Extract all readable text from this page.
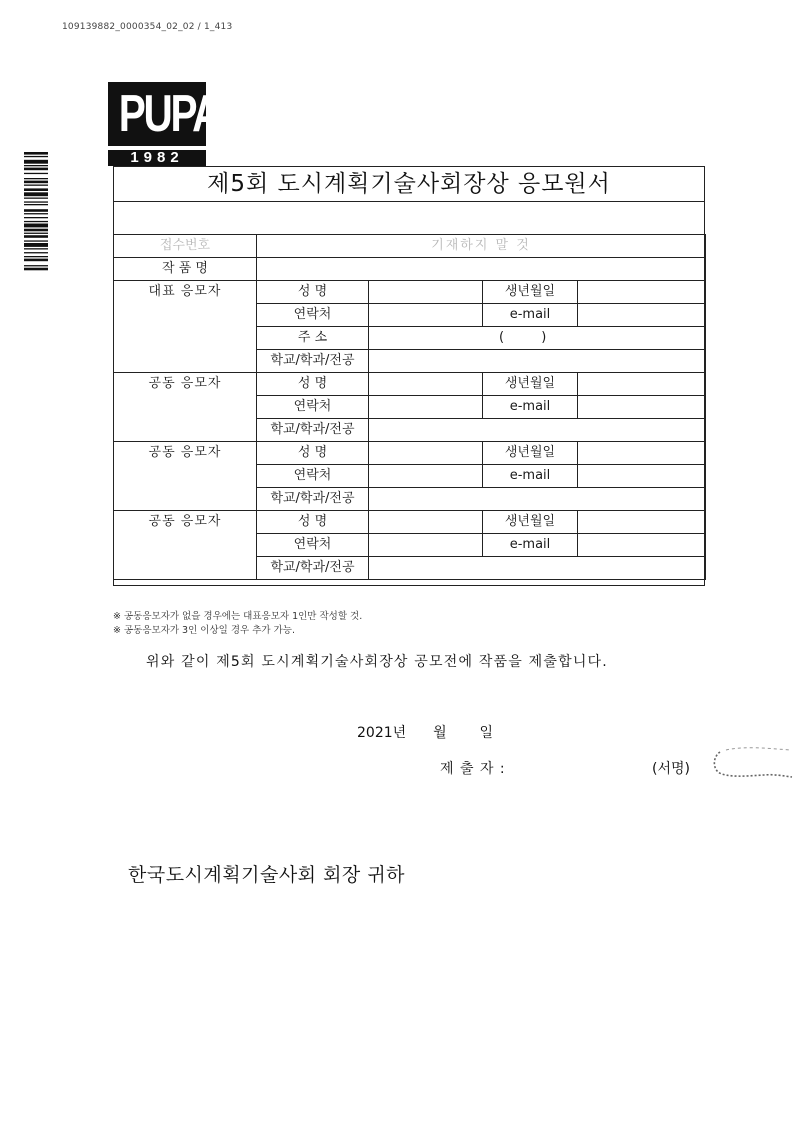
109139882_0000354_02_02 / 1_413
PUPA
1982
제5회 도시계획기술사회장상 응모원서
접수번호	기재하지 말 것			
작 품 명				
대표 응모자	성 명		생년월일	
	연락처		e-mail	
	주 소	(         )		
	학교/학과/전공			
공동 응모자	성 명		생년월일	
	연락처		e-mail	
	학교/학과/전공			
공동 응모자	성 명		생년월일	
	연락처		e-mail	
	학교/학과/전공			
공동 응모자	성 명		생년월일	
	연락처		e-mail	
	학교/학과/전공			
※ 공동응모자가 없을 경우에는 대표응모자 1인만 작성할 것.
※ 공동응모자가 3인 이상일 경우 추가 가능.
위와 같이 제5회 도시계획기술사회장상 공모전에 작품을 제출합니다.
2021년 월 일
제 출 자 :	(서명)
한국도시계획기술사회 회장 귀하
